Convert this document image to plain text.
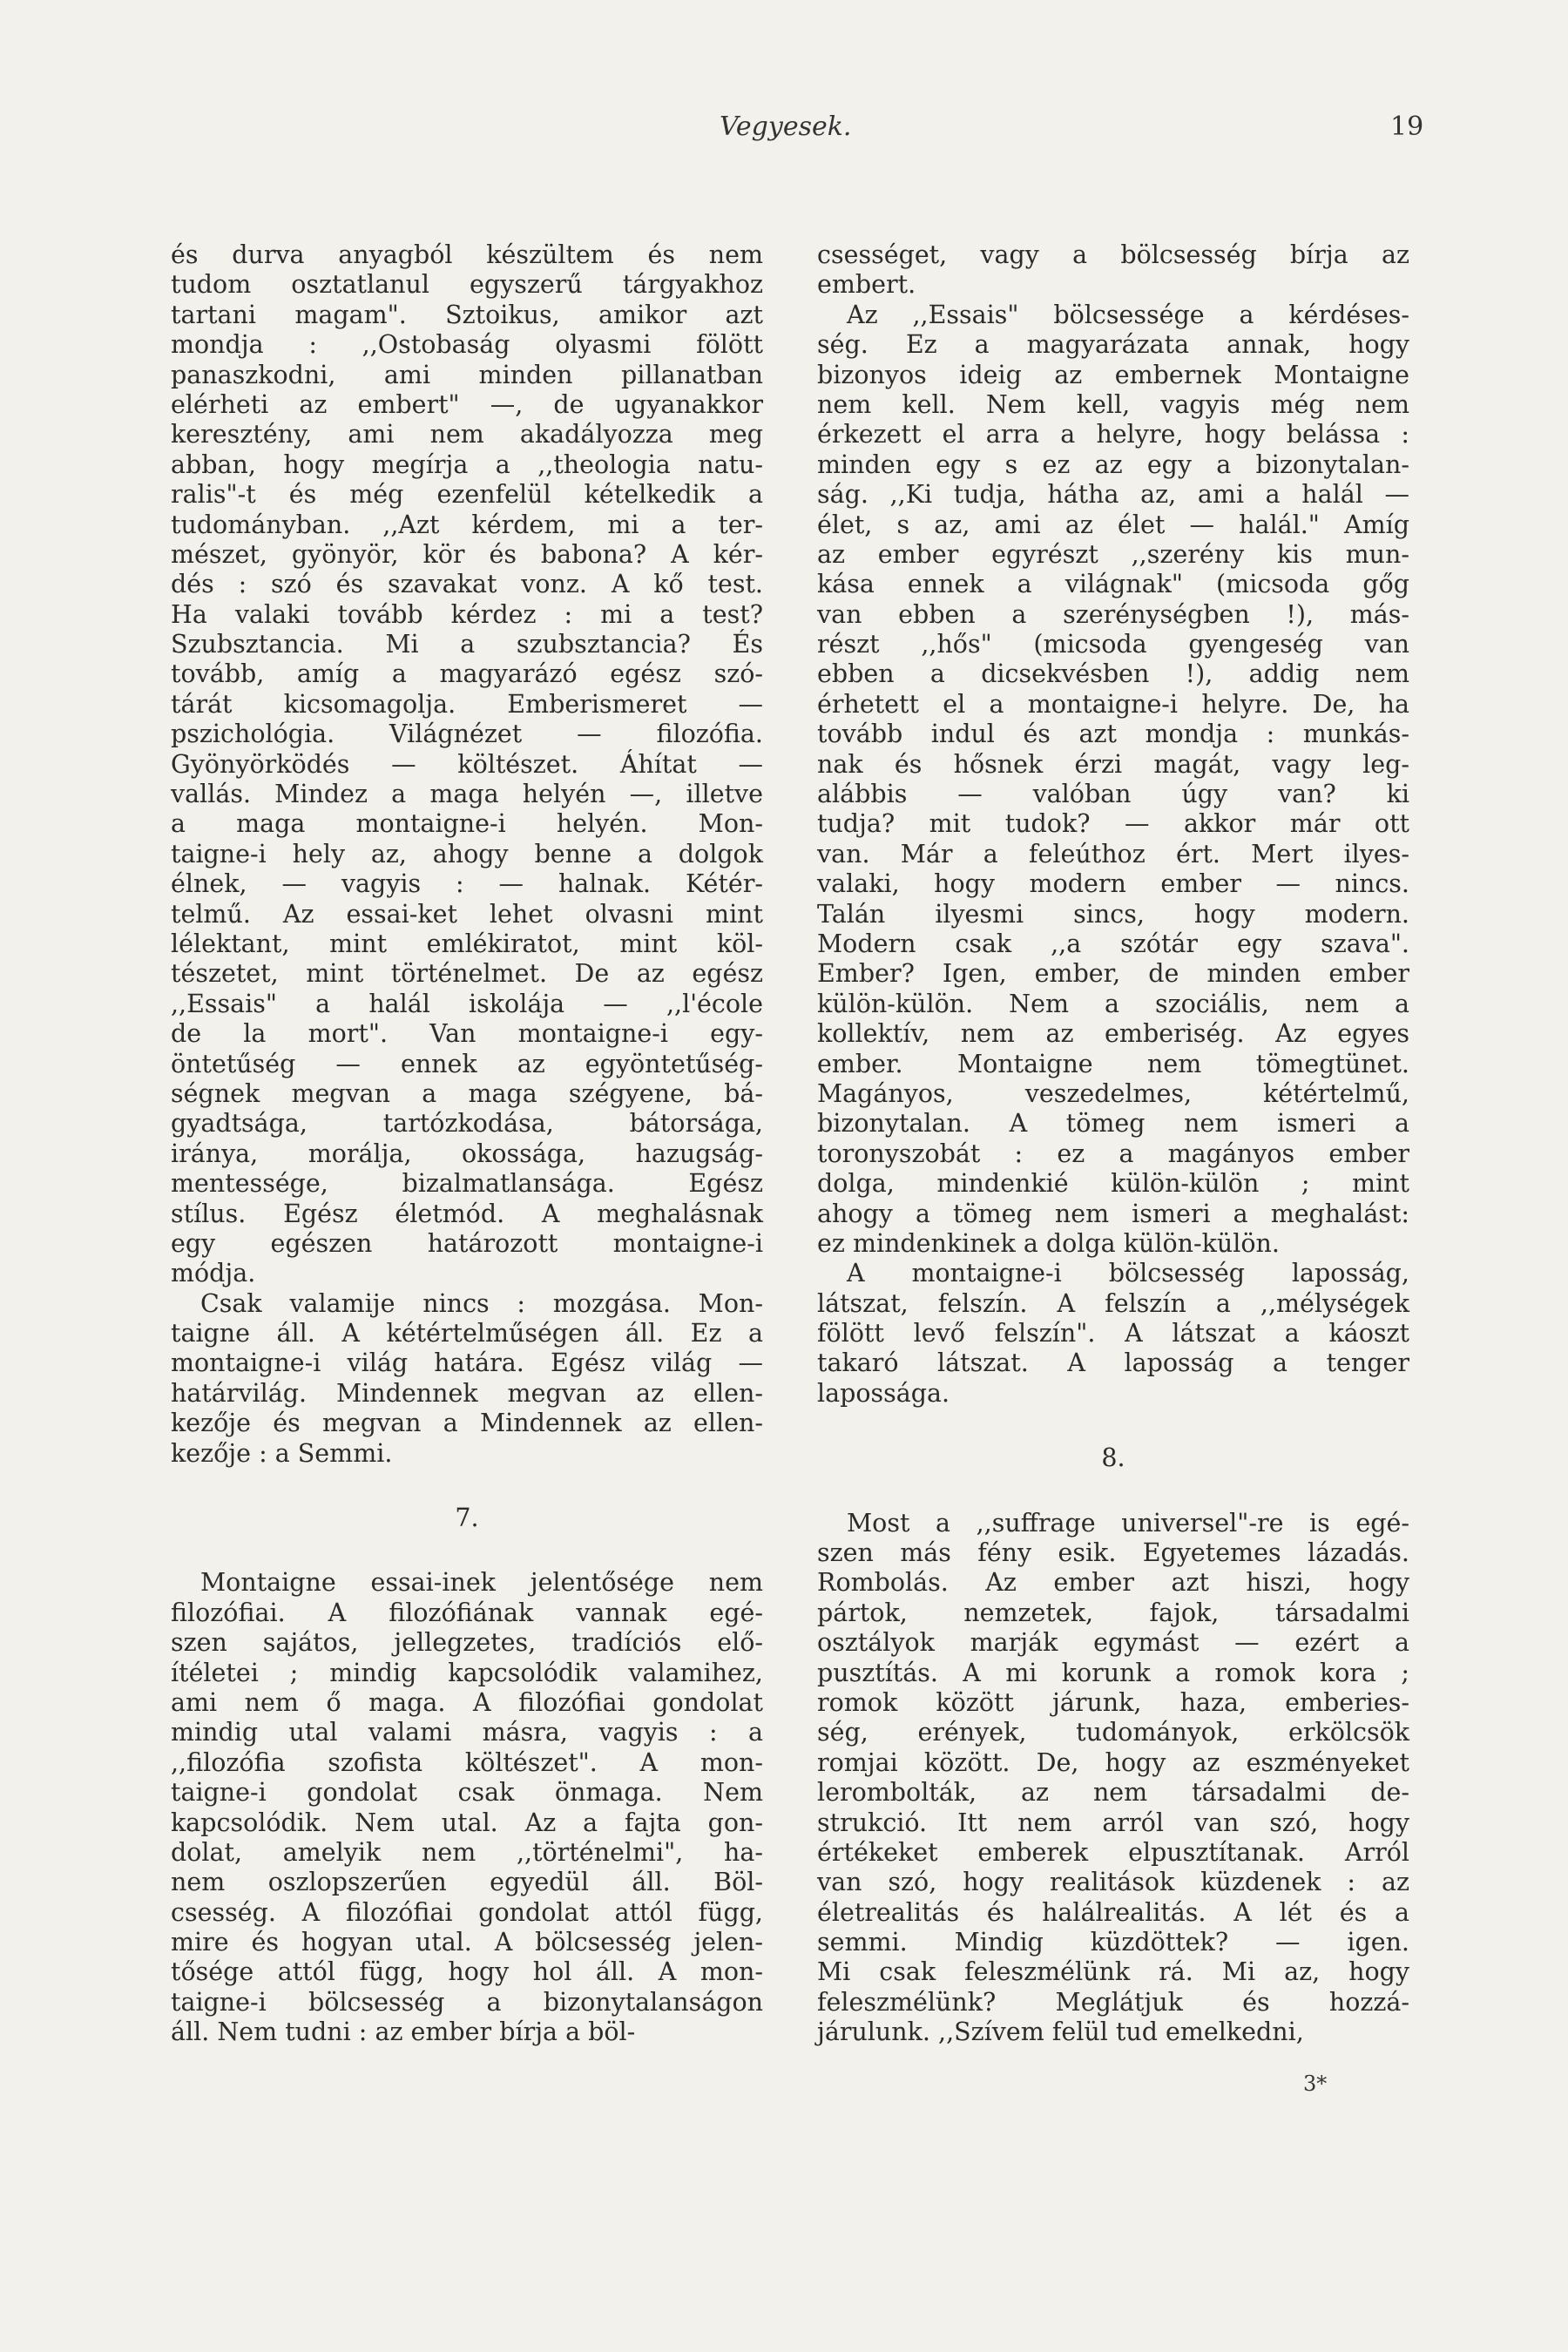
Vegyesek.	19
és durva anyagból készültem és nem
tudom osztatlanul egyszerű tárgyakhoz
tartani magam". Sztoikus, amikor azt
mondja : ,,Ostobaság olyasmi fölött
panaszkodni, ami minden pillanatban
elérheti az embert" —, de ugyanakkor
keresztény, ami nem akadályozza meg
abban, hogy megírja a ,,theologia natu-
ralis"-t és még ezenfelül kételkedik a
tudományban. ,,Azt kérdem, mi a ter-
mészet, gyönyör, kör és babona? A kér-
dés : szó és szavakat vonz. A kő test.
Ha valaki tovább kérdez : mi a test?
Szubsztancia. Mi a szubsztancia? És
tovább, amíg a magyarázó egész szó-
tárát kicsomagolja. Emberismeret —
pszichológia. Világnézet — filozófia.
Gyönyörködés — költészet. Áhítat —
vallás. Mindez a maga helyén —, illetve
a maga montaigne-i helyén. Mon-
taigne-i hely az, ahogy benne a dolgok
élnek, — vagyis : — halnak. Kétér-
telmű. Az essai-ket lehet olvasni mint
lélektant, mint emlékiratot, mint köl-
tészetet, mint történelmet. De az egész
,,Essais" a halál iskolája — ,,l'école
de la mort". Van montaigne-i egy-
öntetűség — ennek az egyöntetűség-
ségnek megvan a maga szégyene, bá-
gyadtsága, tartózkodása, bátorsága,
iránya, morálja, okossága, hazugság-
mentessége, bizalmatlansága. Egész
stílus. Egész életmód. A meghalásnak
egy egészen határozott montaigne-i
módja.
Csak valamije nincs : mozgása. Mon-
taigne áll. A kétértelműségen áll. Ez a
montaigne-i világ határa. Egész világ —
határvilág. Mindennek megvan az ellen-
kezője és megvan a Mindennek az ellen-
kezője : a Semmi.
7.
Montaigne essai-inek jelentősége nem
filozófiai. A filozófiának vannak egé-
szen sajátos, jellegzetes, tradíciós elő-
ítéletei ; mindig kapcsolódik valamihez,
ami nem ő maga. A filozófiai gondolat
mindig utal valami másra, vagyis : a
,,filozófia szofista költészet". A mon-
taigne-i gondolat csak önmaga. Nem
kapcsolódik. Nem utal. Az a fajta gon-
dolat, amelyik nem ,,történelmi", ha-
nem oszlopszerűen egyedül áll. Böl-
csesség. A filozófiai gondolat attól függ,
mire és hogyan utal. A bölcsesség jelen-
tősége attól függ, hogy hol áll. A mon-
taigne-i bölcsesség a bizonytalanságon
áll. Nem tudni : az ember bírja a böl-
csességet, vagy a bölcsesség bírja az
embert.
Az ,,Essais" bölcsessége a kérdéses-
ség. Ez a magyarázata annak, hogy
bizonyos ideig az embernek Montaigne
nem kell. Nem kell, vagyis még nem
érkezett el arra a helyre, hogy belássa :
minden egy s ez az egy a bizonytalan-
ság. ,,Ki tudja, hátha az, ami a halál —
élet, s az, ami az élet — halál." Amíg
az ember egyrészt ,,szerény kis mun-
kása ennek a világnak" (micsoda gőg
van ebben a szerénységben !), más-
részt ,,hős" (micsoda gyengeség van
ebben a dicsekvésben !), addig nem
érhetett el a montaigne-i helyre. De, ha
tovább indul és azt mondja : munkás-
nak és hősnek érzi magát, vagy leg-
alábbis — valóban úgy van? ki
tudja? mit tudok? — akkor már ott
van. Már a feleúthoz ért. Mert ilyes-
valaki, hogy modern ember — nincs.
Talán ilyesmi sincs, hogy modern.
Modern csak ,,a szótár egy szava".
Ember? Igen, ember, de minden ember
külön-külön. Nem a szociális, nem a
kollektív, nem az emberiség. Az egyes
ember. Montaigne nem tömegtünet.
Magányos, veszedelmes, kétértelmű,
bizonytalan. A tömeg nem ismeri a
toronyszobát : ez a magányos ember
dolga, mindenkié külön-külön ; mint
ahogy a tömeg nem ismeri a meghalást:
ez mindenkinek a dolga külön-külön.
A montaigne-i bölcsesség laposság,
látszat, felszín. A felszín a ,,mélységek
fölött levő felszín". A látszat a káoszt
takaró látszat. A laposság a tenger
lapossága.
8.
Most a ,,suffrage universel"-re is egé-
szen más fény esik. Egyetemes lázadás.
Rombolás. Az ember azt hiszi, hogy
pártok, nemzetek, fajok, társadalmi
osztályok marják egymást — ezért a
pusztítás. A mi korunk a romok kora ;
romok között járunk, haza, emberies-
ség, erények, tudományok, erkölcsök
romjai között. De, hogy az eszményeket
lerombolták, az nem társadalmi de-
strukció. Itt nem arról van szó, hogy
értékeket emberek elpusztítanak. Arról
van szó, hogy realitások küzdenek : az
életrealitás és halálrealitás. A lét és a
semmi. Mindig küzdöttek? — igen.
Mi csak feleszmélünk rá. Mi az, hogy
feleszmélünk? Meglátjuk és hozzá-
járulunk. ,,Szívem felül tud emelkedni,
3*
